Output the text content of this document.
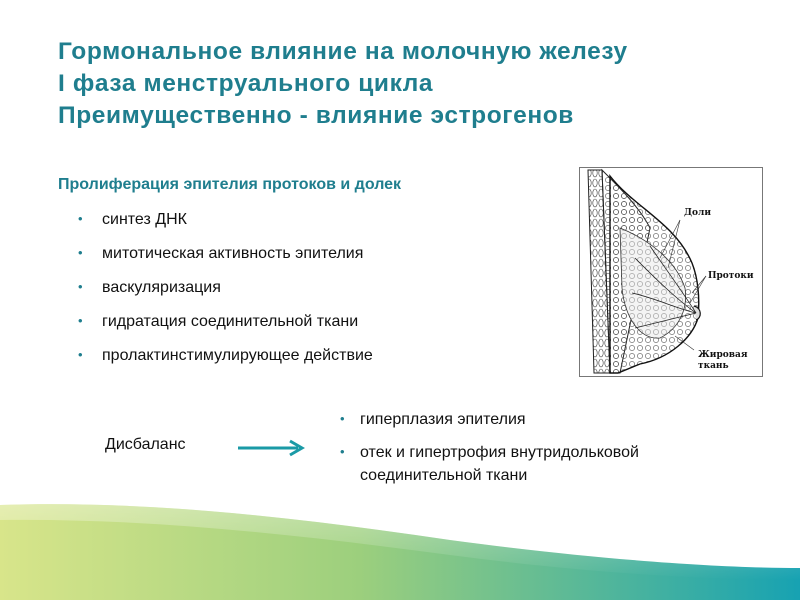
Гормональное влияние на молочную железу
I фаза менструального цикла
Преимущественно - влияние эстрогенов
Пролиферация эпителия протоков и долек
• синтез ДНК
• митотическая активность эпителия
• васкуляризация
• гидратация соединительной ткани
• пролактинстимулирующее действие
Доли
Протоки
Жировая
ткань
Дисбаланс
• гиперплазия эпителия
• отек и гипертрофия внутридольковой соединительной ткани
